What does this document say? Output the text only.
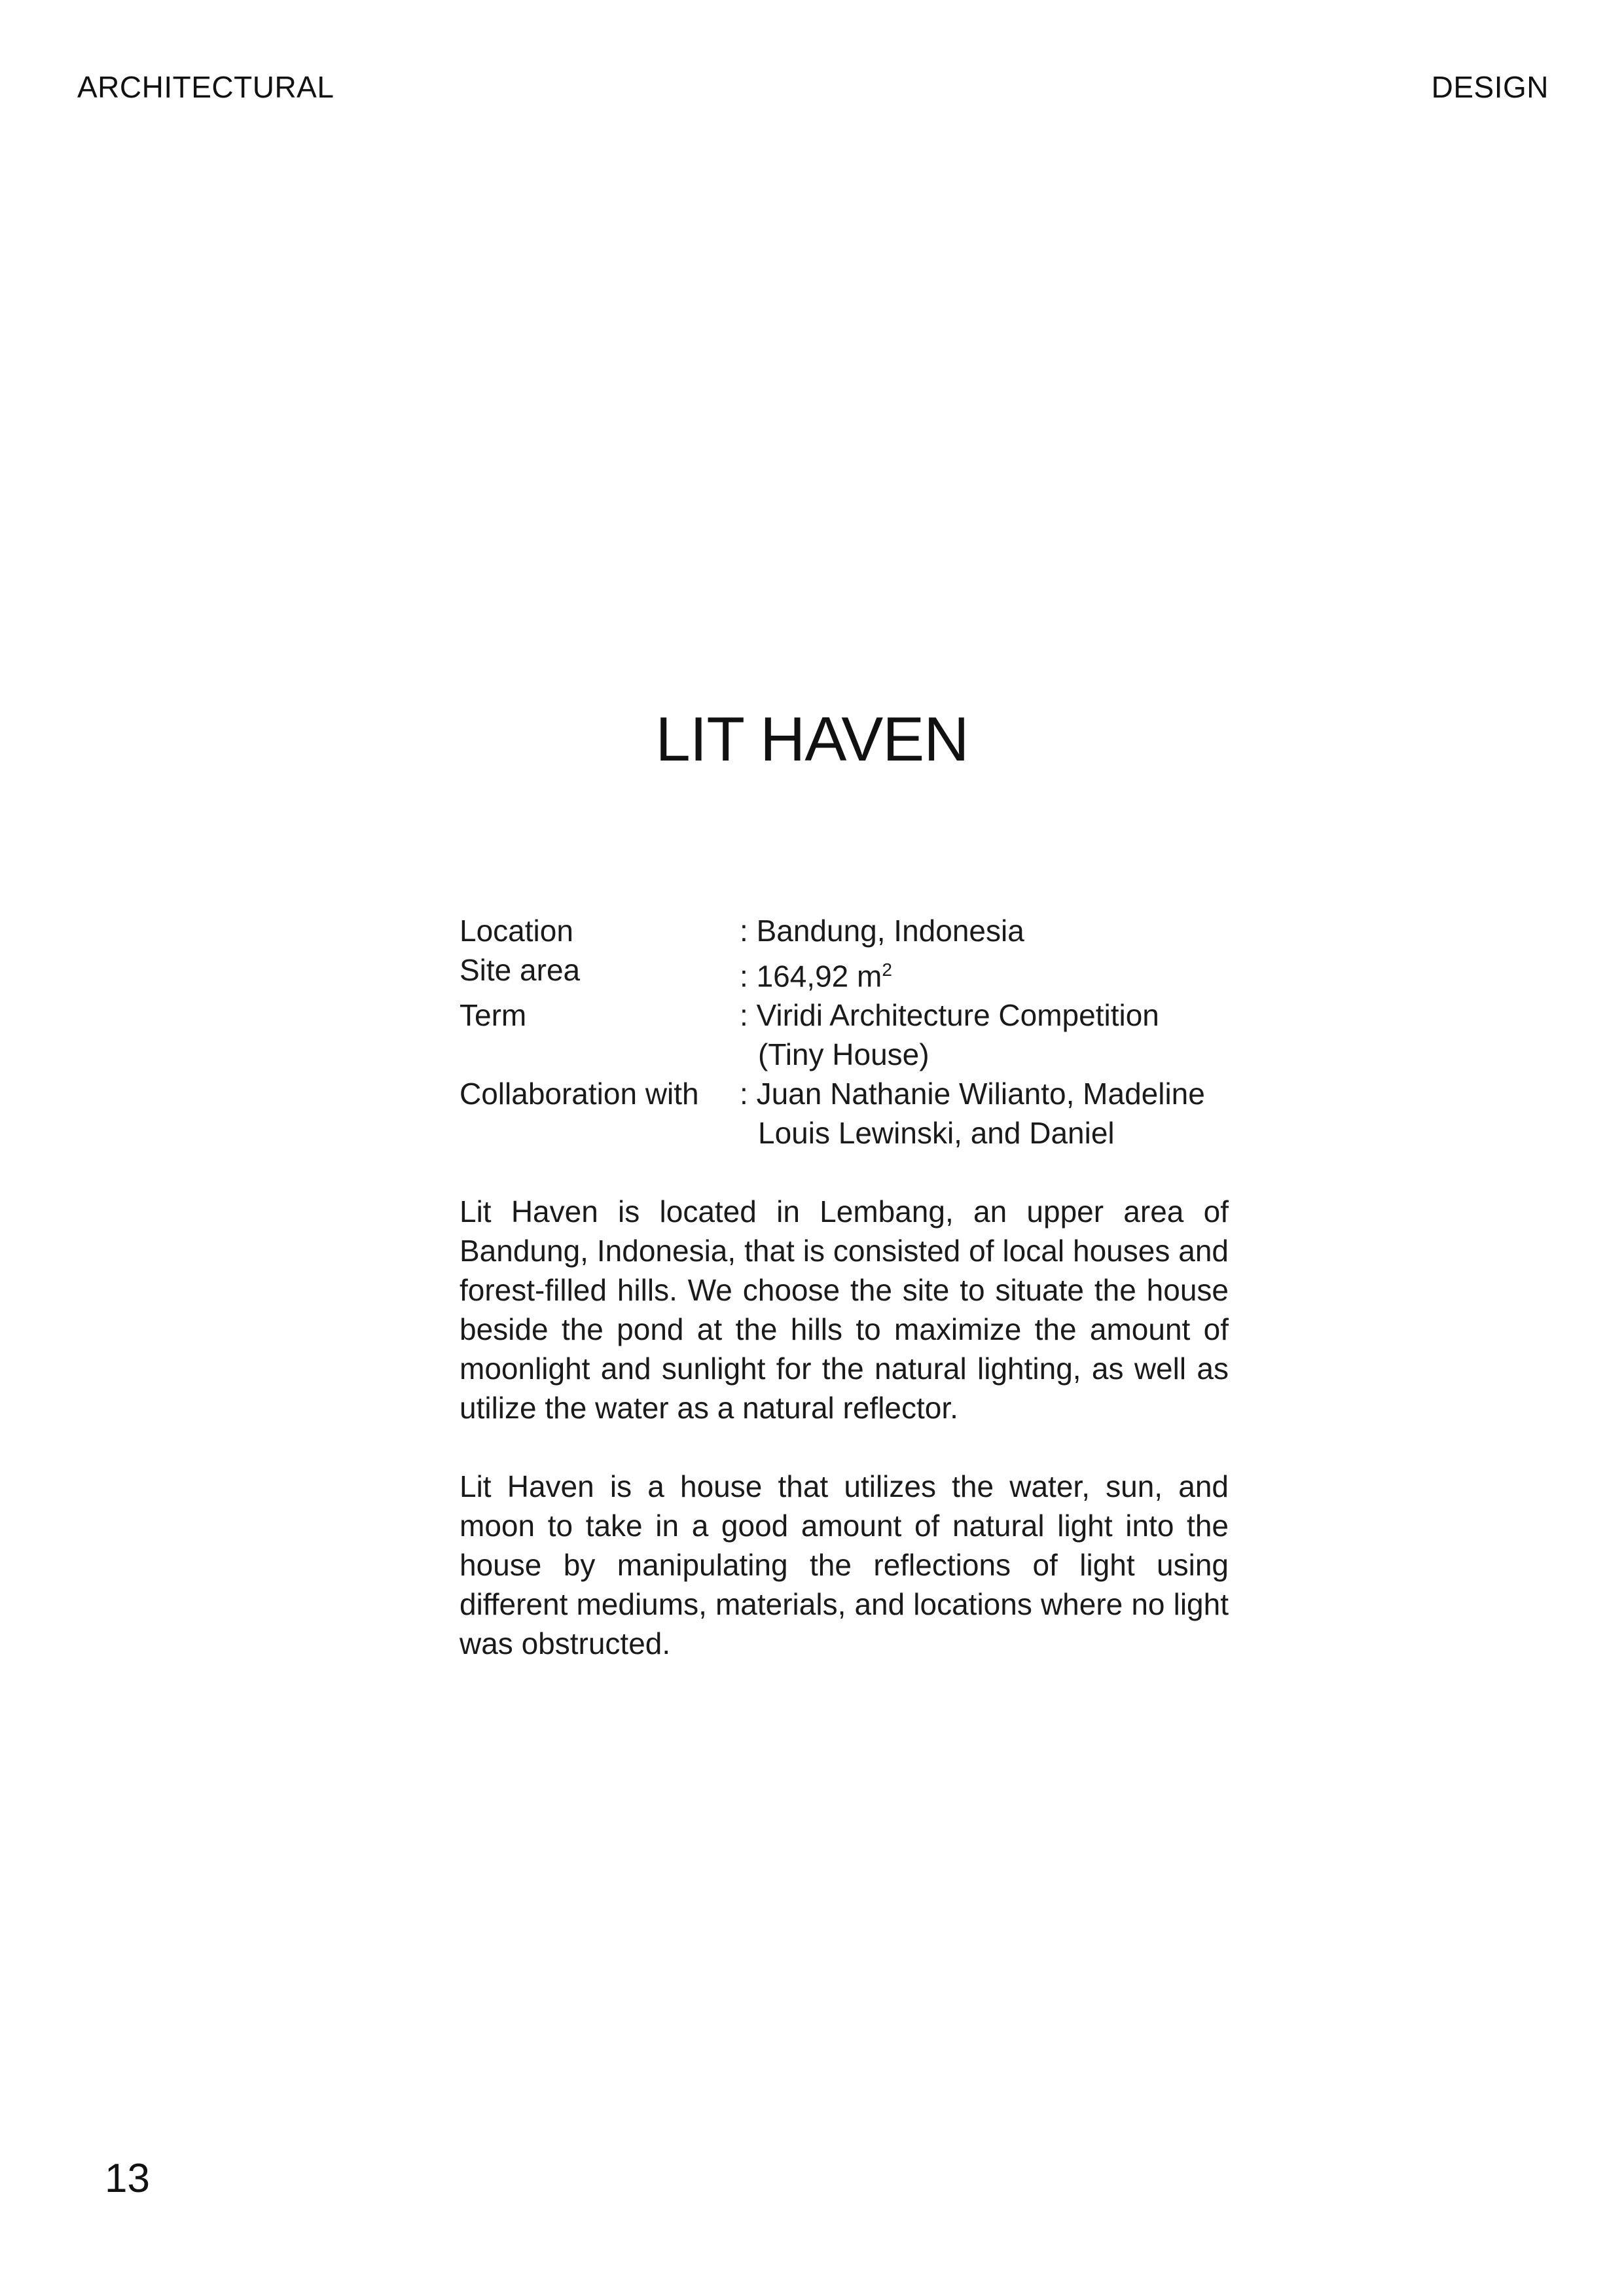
ARCHITECTURAL	DESIGN
LIT HAVEN
Location	: Bandung, Indonesia
Site area	: 164,92 $m^2$
Term	: Viridi Architecture Competition
(Tiny House)
Collaboration with	: Juan Nathanie Wilianto, Madeline
Louis Lewinski, and Daniel

Lit Haven is located in Lembang, an upper area of Bandung, Indonesia, that is consisted of local houses and forest-filled hills. We choose the site to situate the house beside the pond at the hills to maximize the amount of moonlight and sunlight for the natural lighting, as well as utilize the water as a natural reflector.

Lit Haven is a house that utilizes the water, sun, and moon to take in a good amount of natural light into the house by manipulating the reflections of light using different mediums, materials, and locations where no light was obstructed.

13
